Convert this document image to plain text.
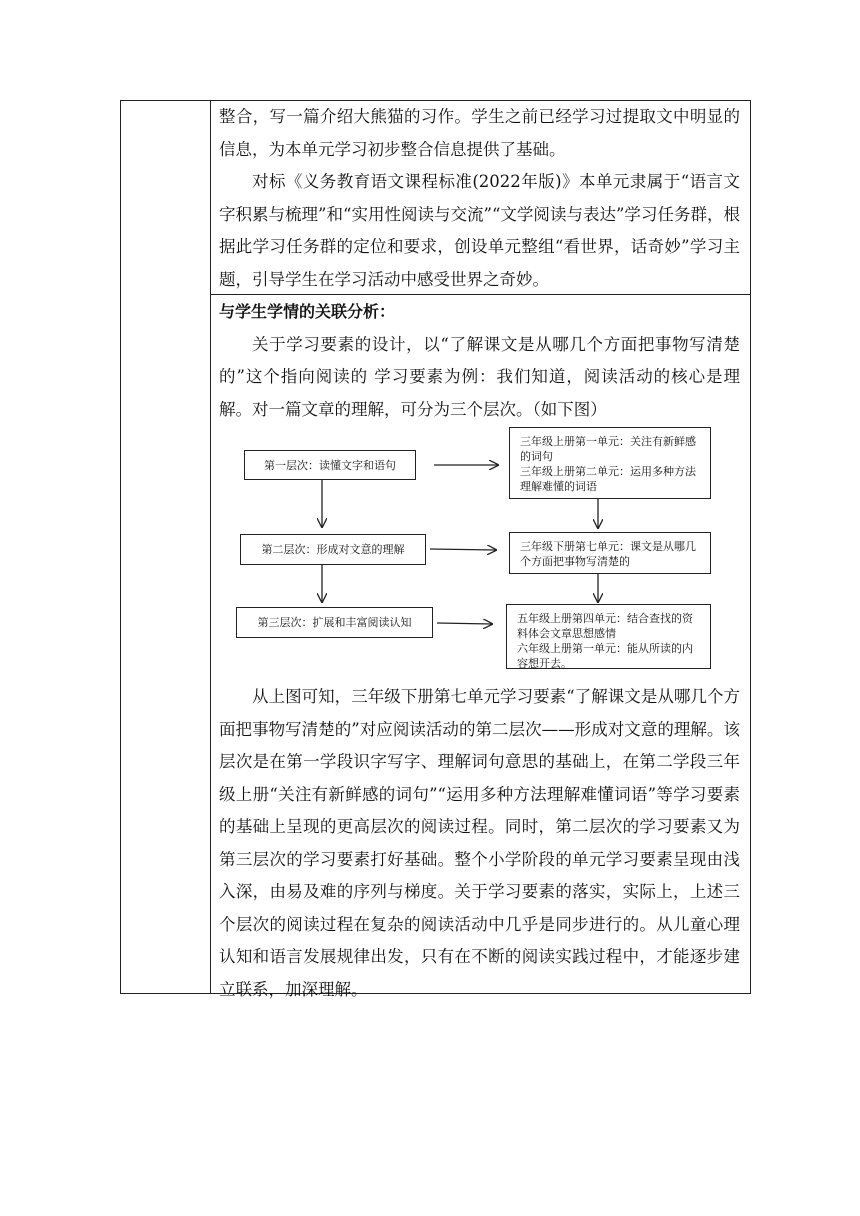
整合，写一篇介绍大熊猫的习作。学生之前已经学习过提取文中明显的信息，为本单元学习初步整合信息提供了基础。

对标《义务教育语文课程标准(2022年版)》本单元隶属于“语言文字积累与梳理”和“实用性阅读与交流”“文学阅读与表达”学习任务群，根据此学习任务群的定位和要求，创设单元整组“看世界，话奇妙”学习主题，引导学生在学习活动中感受世界之奇妙。

与学生学情的关联分析：

关于学习要素的设计，以“了解课文是从哪几个方面把事物写清楚的”这个指向阅读的 学习要素为例：我们知道，阅读活动的核心是理解。对一篇文章的理解，可分为三个层次。（如下图）

从上图可知，三年级下册第七单元学习要素“了解课文是从哪几个方面把事物写清楚的”对应阅读活动的第二层次——形成对文意的理解。该层次是在第一学段识字写字、理解词句意思的基础上，在第二学段三年级上册“关注有新鲜感的词句”“运用多种方法理解难懂词语”等学习要素的基础上呈现的更高层次的阅读过程。同时，第二层次的学习要素又为第三层次的学习要素打好基础。整个小学阶段的单元学习要素呈现由浅入深，由易及难的序列与梯度。关于学习要素的落实，实际上，上述三个层次的阅读过程在复杂的阅读活动中几乎是同步进行的。从儿童心理认知和语言发展规律出发，只有在不断的阅读实践过程中，才能逐步建立联系，加深理解。

第一层次：读懂文字和语句
第二层次：形成对文意的理解
第三层次：扩展和丰富阅读认知

三年级上册第一单元：关注有新鲜感的词句

三年级上册第二单元：运用多种方法理解难懂的词语

三年级下册第七单元：课文是从哪几个方面把事物写清楚的

五年级上册第四单元：结合查找的资料体会文章思想感情

六年级上册第一单元：能从所读的内容想开去。
